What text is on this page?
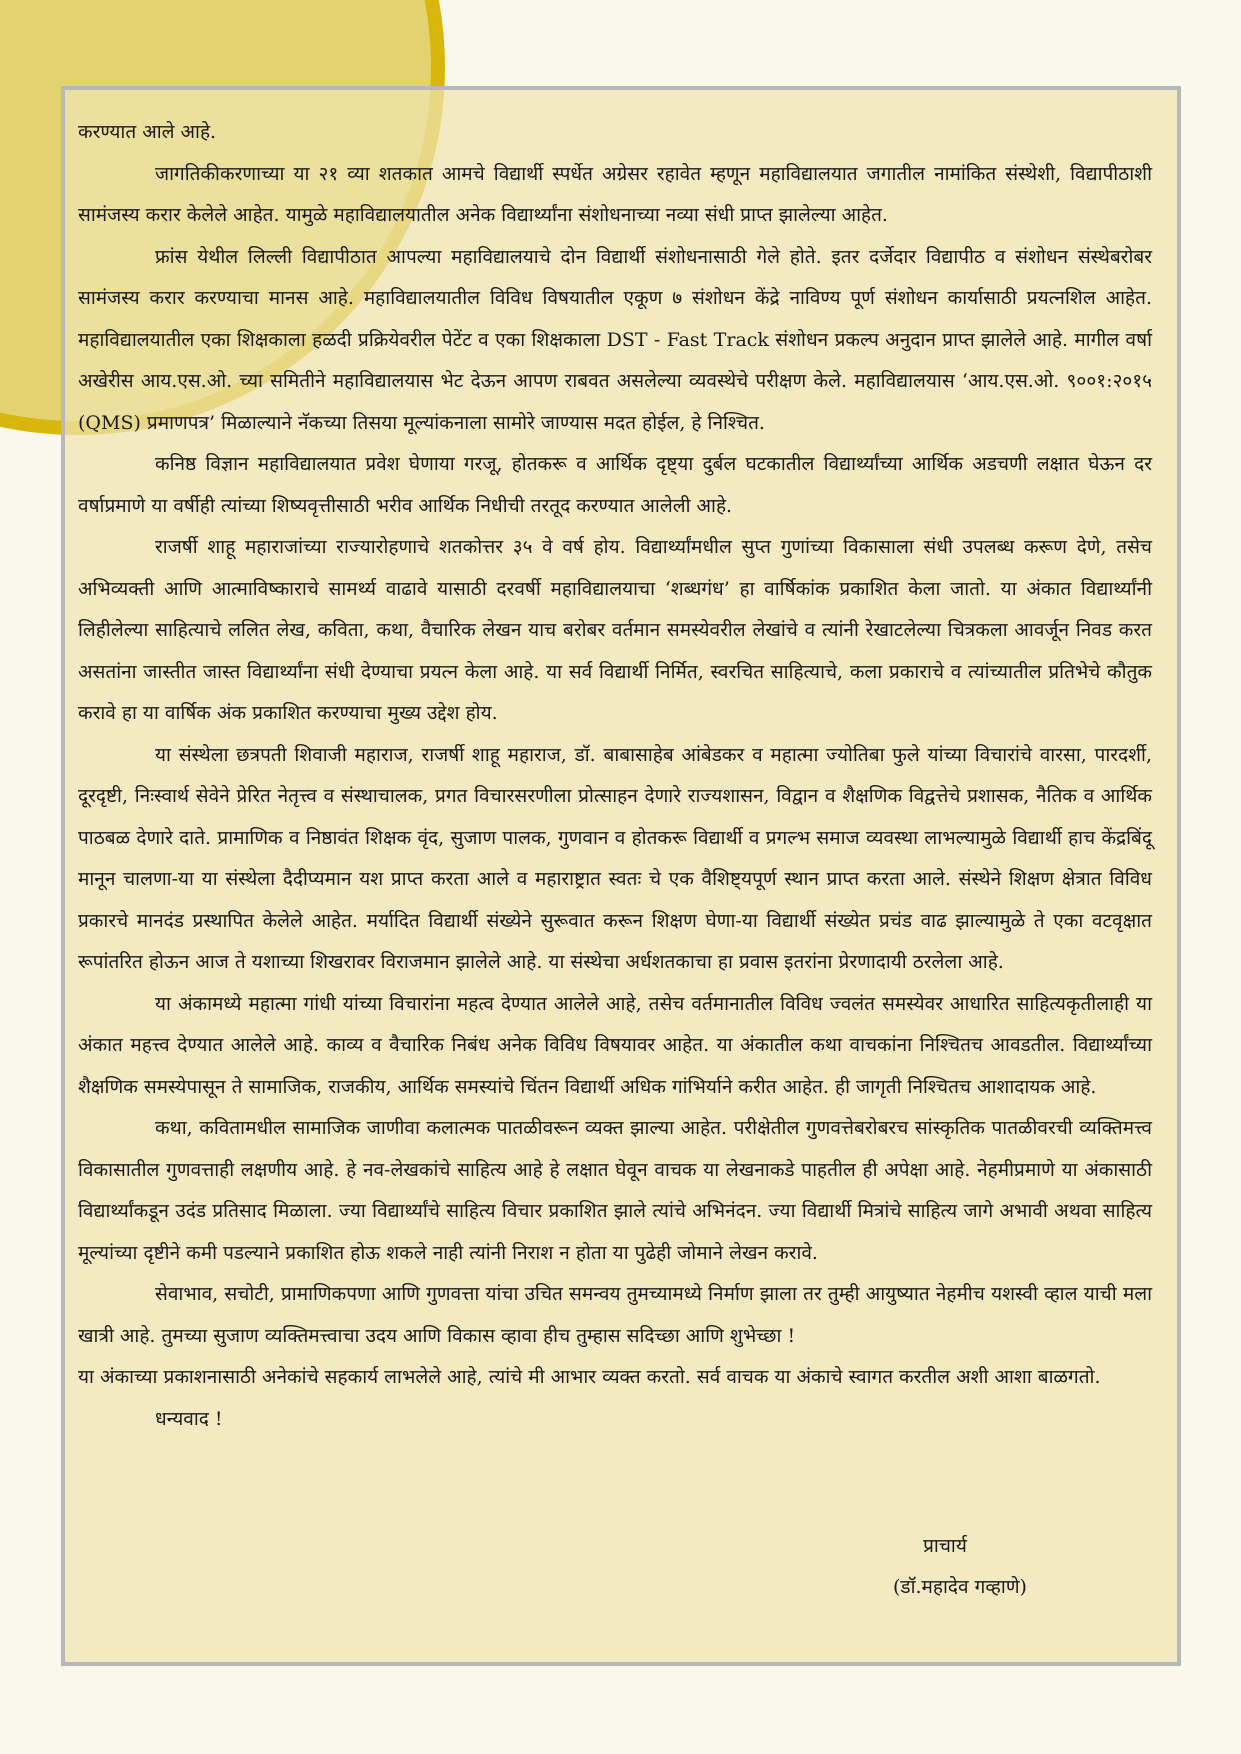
करण्यात आले आहे.

जागतिकीकरणाच्या या २१ व्या शतकात आमचे विद्यार्थी स्पर्धेत अग्रेसर रहावेत म्हणून महाविद्यालयात जगातील नामांकित संस्थेशी, विद्यापीठाशी सामंजस्य करार केलेले आहेत. यामुळे महाविद्यालयातील अनेक विद्यार्थ्यांना संशोधनाच्या नव्या संधी प्राप्त झालेल्या आहेत.

फ्रांस येथील लिल्ली विद्यापीठात आपल्या महाविद्यालयाचे दोन विद्यार्थी संशोधनासाठी गेले होते. इतर दर्जेदार विद्यापीठ व संशोधन संस्थेबरोबर सामंजस्य करार करण्याचा मानस आहे. महाविद्यालयातील विविध विषयातील एकूण ७ संशोधन केंद्रे नाविण्य पूर्ण संशोधन कार्यासाठी प्रयत्नशिल आहेत. महाविद्यालयातील एका शिक्षकाला हळदी प्रक्रियेवरील पेटेंट व एका शिक्षकाला DST - Fast Track संशोधन प्रकल्प अनुदान प्राप्त झालेले आहे. मागील वर्षा अखेरीस आय.एस.ओ. च्या समितीने महाविद्यालयास भेट देऊन आपण राबवत असलेल्या व्यवस्थेचे परीक्षण केले. महाविद्यालयास ‘आय.एस.ओ. ९००१:२०१५ (QMS) प्रमाणपत्र’ मिळाल्याने नॅकच्या तिसया मूल्यांकनाला सामोरे जाण्यास मदत होईल, हे निश्चित.

कनिष्ठ विज्ञान महाविद्यालयात प्रवेश घेणाया गरजू, होतकरू व आर्थिक दृष्ट्या दुर्बल घटकातील विद्यार्थ्यांच्या आर्थिक अडचणी लक्षात घेऊन दर वर्षाप्रमाणे या वर्षीही त्यांच्या शिष्यवृत्तीसाठी भरीव आर्थिक निधीची तरतूद करण्यात आलेली आहे.

राजर्षी शाहू महाराजांच्या राज्यारोहणाचे शतकोत्तर ३५ वे वर्ष होय. विद्यार्थ्यांमधील सुप्त गुणांच्या विकासाला संधी उपलब्ध करूण देणे, तसेच अभिव्यक्ती आणि आत्माविष्काराचे सामर्थ्य वाढावे यासाठी दरवर्षी महाविद्यालयाचा ‘शब्धगंध’ हा वार्षिकांक प्रकाशित केला जातो. या अंकात विद्यार्थ्यांनी लिहीलेल्या साहित्याचे ललित लेख, कविता, कथा, वैचारिक लेखन याच बरोबर वर्तमान समस्येवरील लेखांचे व त्यांनी रेखाटलेल्या चित्रकला आवर्जून निवड करत असतांना जास्तीत जास्त विद्यार्थ्यांना संधी देण्याचा प्रयत्न केला आहे. या सर्व विद्यार्थी निर्मित, स्वरचित साहित्याचे, कला प्रकाराचे व त्यांच्यातील प्रतिभेचे कौतुक करावे हा या वार्षिक अंक प्रकाशित करण्याचा मुख्य उद्देश होय.

या संस्थेला छत्रपती शिवाजी महाराज, राजर्षी शाहू महाराज, डॉ. बाबासाहेब आंबेडकर व महात्मा ज्योतिबा फुले यांच्या विचारांचे वारसा, पारदर्शी, दूरदृष्टी, निःस्वार्थ सेवेने प्रेरित नेतृत्त्व व संस्थाचालक, प्रगत विचारसरणीला प्रोत्साहन देणारे राज्यशासन, विद्वान व शैक्षणिक विद्वत्तेचे प्रशासक, नैतिक व आर्थिक पाठबळ देणारे दाते. प्रामाणिक व निष्ठावंत शिक्षक वृंद, सुजाण पालक, गुणवान व होतकरू विद्यार्थी व प्रगल्भ समाज व्यवस्था लाभल्यामुळे विद्यार्थी हाच केंद्रबिंदू मानून चालणा-या या संस्थेला दैदीप्यमान यश प्राप्त करता आले व महाराष्ट्रात स्वतः चे एक वैशिष्ट्यपूर्ण स्थान प्राप्त करता आले. संस्थेने शिक्षण क्षेत्रात विविध प्रकारचे मानदंड प्रस्थापित केलेले आहेत. मर्यादित विद्यार्थी संख्येने सुरूवात करून शिक्षण घेणा-या विद्यार्थी संख्येत प्रचंड वाढ झाल्यामुळे ते एका वटवृक्षात रूपांतरित होऊन आज ते यशाच्या शिखरावर विराजमान झालेले आहे. या संस्थेचा अर्धशतकाचा हा प्रवास इतरांना प्रेरणादायी ठरलेला आहे.

या अंकामध्ये महात्मा गांधी यांच्या विचारांना महत्व देण्यात आलेले आहे, तसेच वर्तमानातील विविध ज्वलंत समस्येवर आधारित साहित्यकृतीलाही या अंकात महत्त्व देण्यात आलेले आहे. काव्य व वैचारिक निबंध अनेक विविध विषयावर आहेत. या अंकातील कथा वाचकांना निश्चितच आवडतील. विद्यार्थ्यांच्या शैक्षणिक समस्येपासून ते सामाजिक, राजकीय, आर्थिक समस्यांचे चिंतन विद्यार्थी अधिक गांभिर्याने करीत आहेत. ही जागृती निश्चितच आशादायक आहे.

कथा, कवितामधील सामाजिक जाणीवा कलात्मक पातळीवरून व्यक्त झाल्या आहेत. परीक्षेतील गुणवत्तेबरोबरच सांस्कृतिक पातळीवरची व्यक्तिमत्त्व विकासातील गुणवत्ताही लक्षणीय आहे. हे नव-लेखकांचे साहित्य आहे हे लक्षात घेवून वाचक या लेखनाकडे पाहतील ही अपेक्षा आहे. नेहमीप्रमाणे या अंकासाठी विद्यार्थ्यांकडून उदंड प्रतिसाद मिळाला. ज्या विद्यार्थ्यांचे साहित्य विचार प्रकाशित झाले त्यांचे अभिनंदन. ज्या विद्यार्थी मित्रांचे साहित्य जागे अभावी अथवा साहित्य मूल्यांच्या दृष्टीने कमी पडल्याने प्रकाशित होऊ शकले नाही त्यांनी निराश न होता या पुढेही जोमाने लेखन करावे.

सेवाभाव, सचोटी, प्रामाणिकपणा आणि गुणवत्ता यांचा उचित समन्वय तुमच्यामध्ये निर्माण झाला तर तुम्ही आयुष्यात नेहमीच यशस्वी व्हाल याची मला खात्री आहे. तुमच्या सुजाण व्यक्तिमत्त्वाचा उदय आणि विकास व्हावा हीच तुम्हास सदिच्छा आणि शुभेच्छा !

या अंकाच्या प्रकाशनासाठी अनेकांचे सहकार्य लाभलेले आहे, त्यांचे मी आभार व्यक्त करतो. सर्व वाचक या अंकाचे स्वागत करतील अशी आशा बाळगतो.

धन्यवाद !

प्राचार्य
(डॉ.महादेव गव्हाणे)
